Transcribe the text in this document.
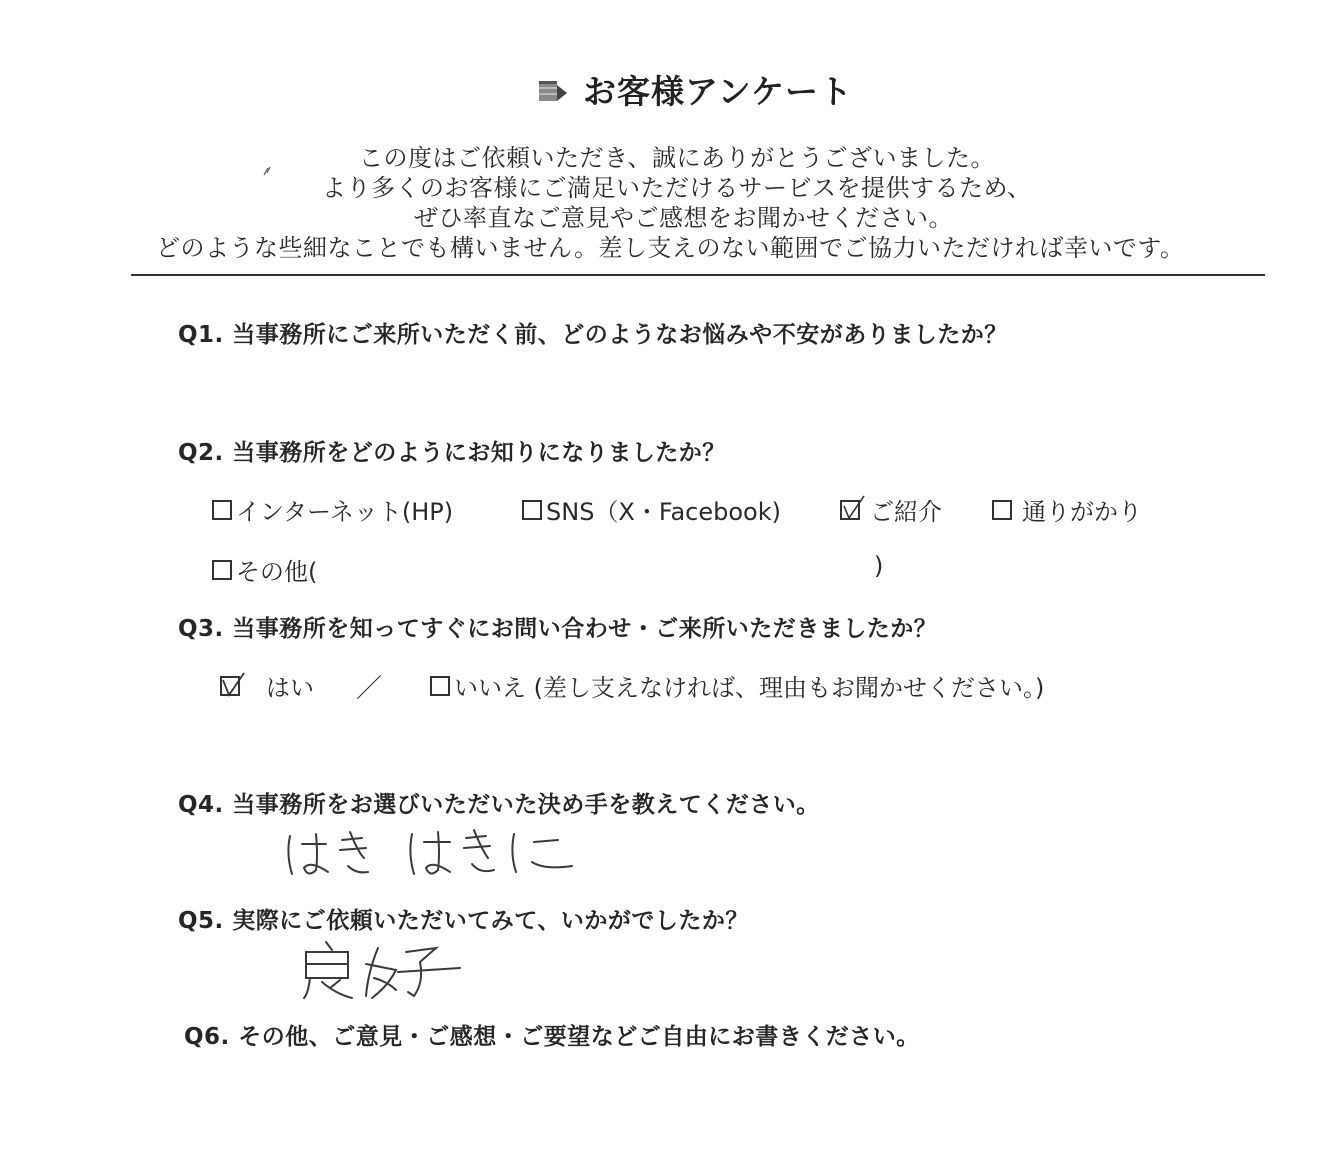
お客様アンケート
この度はご依頼いただき、誠にありがとうございました。
より多くのお客様にご満足いただけるサービスを提供するため、
ぜひ率直なご意見やご感想をお聞かせください。
どのような些細なことでも構いません。差し支えのない範囲でご協力いただければ幸いです。
Q1. 当事務所にご来所いただく前、どのようなお悩みや不安がありましたか？
Q2. 当事務所をどのようにお知りになりましたか？
インターネット(HP)	SNS（X・Facebook)	ご紹介	通りがかり
その他(	)
Q3. 当事務所を知ってすぐにお問い合わせ・ご来所いただきましたか？
はい ／	いいえ (差し支えなければ、理由もお聞かせください。)
Q4. 当事務所をお選びいただいた決め手を教えてください。
Q5. 実際にご依頼いただいてみて、いかがでしたか？
Q6. その他、ご意見・ご感想・ご要望などご自由にお書きください。
